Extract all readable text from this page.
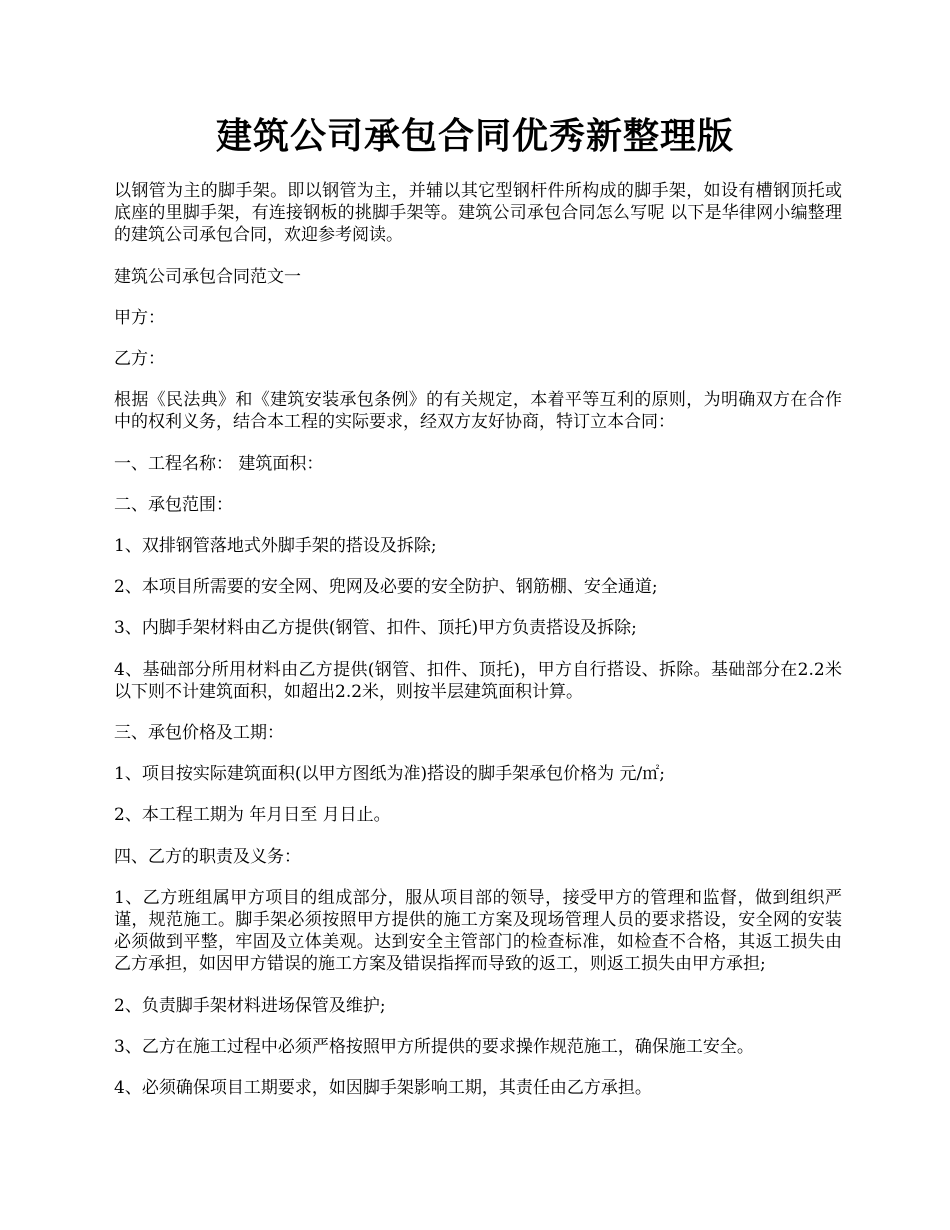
建筑公司承包合同优秀新整理版

以钢管为主的脚手架。即以钢管为主，并辅以其它型钢杆件所构成的脚手架，如设有槽钢顶托或底座的里脚手架，有连接钢板的挑脚手架等。建筑公司承包合同怎么写呢 以下是华律网小编整理的建筑公司承包合同，欢迎参考阅读。

建筑公司承包合同范文一

甲方：

乙方：

根据《民法典》和《建筑安装承包条例》的有关规定，本着平等互利的原则，为明确双方在合作中的权利义务，结合本工程的实际要求，经双方友好协商，特订立本合同：

一、工程名称： 建筑面积：

二、承包范围：

1、双排钢管落地式外脚手架的搭设及拆除;

2、本项目所需要的安全网、兜网及必要的安全防护、钢筋棚、安全通道;

3、内脚手架材料由乙方提供(钢管、扣件、顶托)甲方负责搭设及拆除;

4、基础部分所用材料由乙方提供(钢管、扣件、顶托)，甲方自行搭设、拆除。基础部分在2.2米以下则不计建筑面积，如超出2.2米，则按半层建筑面积计算。

三、承包价格及工期：

1、项目按实际建筑面积(以甲方图纸为准)搭设的脚手架承包价格为 元/㎡;

2、本工程工期为 年月日至 月日止。

四、乙方的职责及义务：

1、乙方班组属甲方项目的组成部分，服从项目部的领导，接受甲方的管理和监督，做到组织严谨，规范施工。脚手架必须按照甲方提供的施工方案及现场管理人员的要求搭设，安全网的安装必须做到平整，牢固及立体美观。达到安全主管部门的检查标准，如检查不合格，其返工损失由乙方承担，如因甲方错误的施工方案及错误指挥而导致的返工，则返工损失由甲方承担;

2、负责脚手架材料进场保管及维护;

3、乙方在施工过程中必须严格按照甲方所提供的要求操作规范施工，确保施工安全。

4、必须确保项目工期要求，如因脚手架影响工期，其责任由乙方承担。
